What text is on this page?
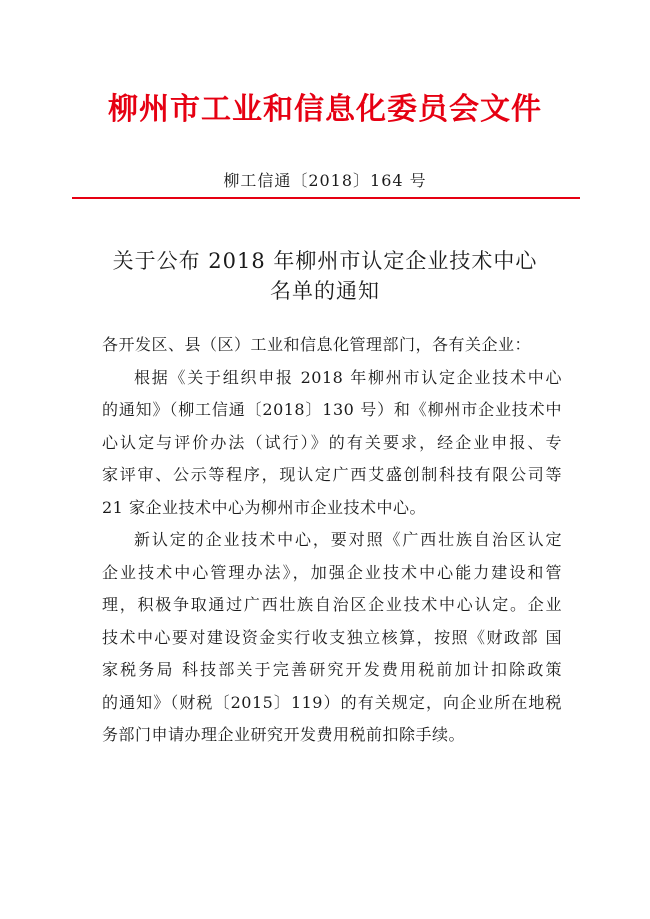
柳州市工业和信息化委员会文件
柳工信通〔2018〕164 号
关于公布 2018 年柳州市认定企业技术中心
名单的通知
各开发区、县（区）工业和信息化管理部门，各有关企业：
根据《关于组织申报 2018 年柳州市认定企业技术中心
的通知》（柳工信通〔2018〕130 号）和《柳州市企业技术中
心认定与评价办法（试行）》的有关要求，经企业申报、专
家评审、公示等程序，现认定广西艾盛创制科技有限公司等
21 家企业技术中心为柳州市企业技术中心。
新认定的企业技术中心，要对照《广西壮族自治区认定
企业技术中心管理办法》，加强企业技术中心能力建设和管
理，积极争取通过广西壮族自治区企业技术中心认定。企业
技术中心要对建设资金实行收支独立核算，按照《财政部 国
家税务局 科技部关于完善研究开发费用税前加计扣除政策
的通知》（财税〔2015〕119）的有关规定，向企业所在地税
务部门申请办理企业研究开发费用税前扣除手续。
